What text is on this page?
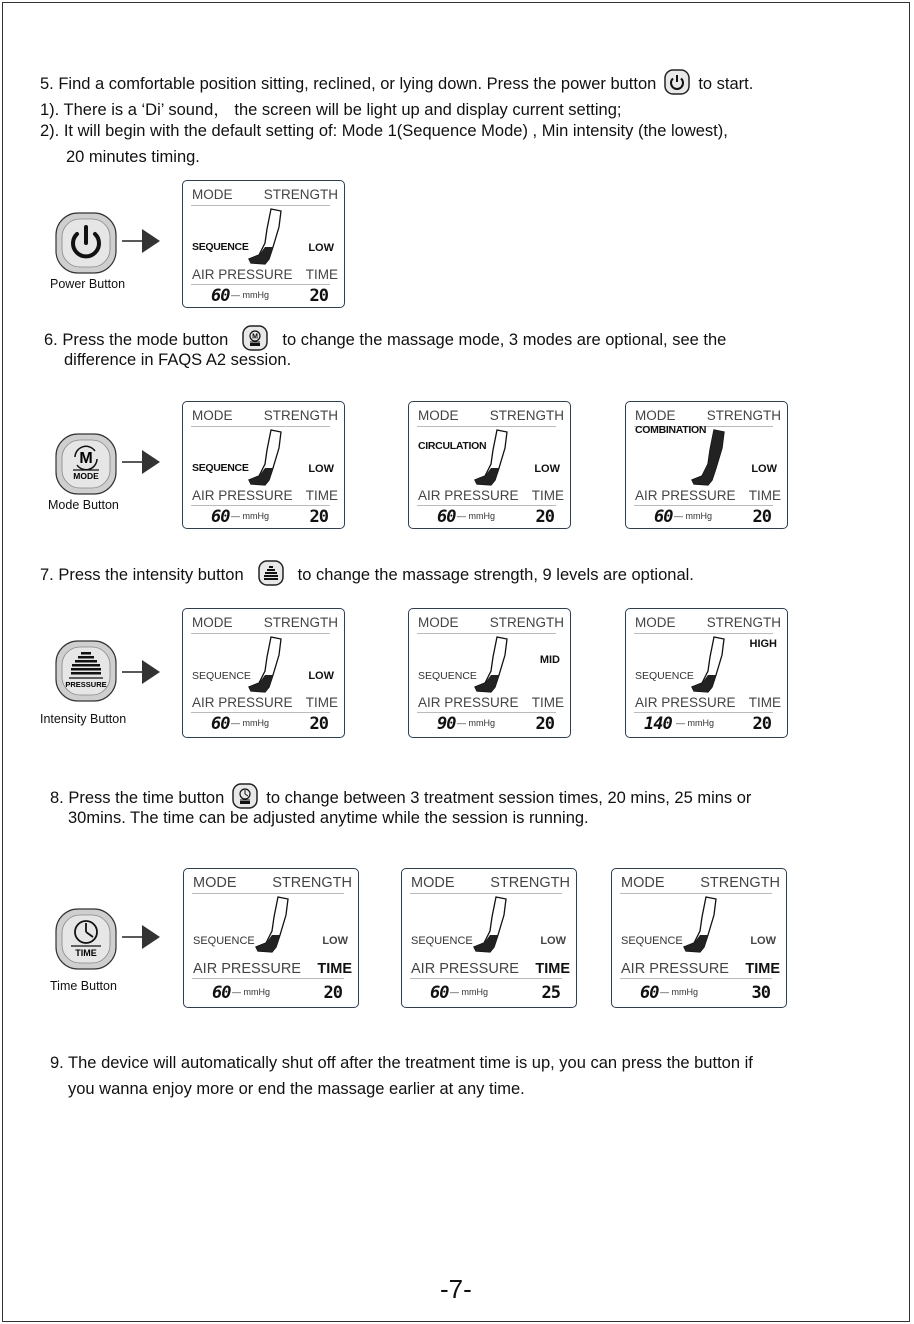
5. Find a comfortable position sitting, reclined, or lying down. Press the power button	to start.
1). There is a ‘Di’ sound， the screen will be light up and display current setting;
2). It will begin with the default setting of: Mode 1(Sequence Mode) , Min intensity (the lowest),
20 minutes timing.
6. Press the mode button	M to change the massage mode, 3 modes are optional, see the
difference in FAQS A2 session.
7. Press the intensity button	to change the massage strength, 9 levels are optional.
8. Press the time button	to change between 3 treatment session times, 20 mins, 25 mins or
30mins. The time can be adjusted anytime while the session is running.
9. The device will automatically shut off after the treatment time is up, you can press the button if
you wanna enjoy more or end the massage earlier at any time.
Power Button
M
MODE
Mode Button
PRESSURE
Intensity Button
TIME
Time Button
MODE STRENGTH
SEQUENCE	LOW
AIR PRESSURE TIME
60 — mmHg 20
MODE STRENGTH
SEQUENCE	LOW
AIR PRESSURE TIME
60 — mmHg 20
MODE STRENGTH
CIRCULATION
LOW
AIR PRESSURE TIME
60 — mmHg 20
MODE STRENGTH
COMBINATION
LOW
AIR PRESSURE TIME
60 — mmHg 20
MODE STRENGTH
SEQUENCE	LOW
AIR PRESSURE TIME
60 — mmHg 20
MODE STRENGTH
SEQUENCE
MID
AIR PRESSURE TIME
90 — mmHg 20
MODE STRENGTH
SEQUENCE
HIGH
AIR PRESSURE TIME
140 — mmHg 20
MODE STRENGTH
SEQUENCE	LOW
AIR PRESSURE TIME
60 — mmHg	20
MODE STRENGTH
SEQUENCE	LOW
AIR PRESSURE TIME
60 — mmHg	25
MODE STRENGTH
SEQUENCE	LOW
AIR PRESSURE TIME
60 — mmHg	30
-7-
